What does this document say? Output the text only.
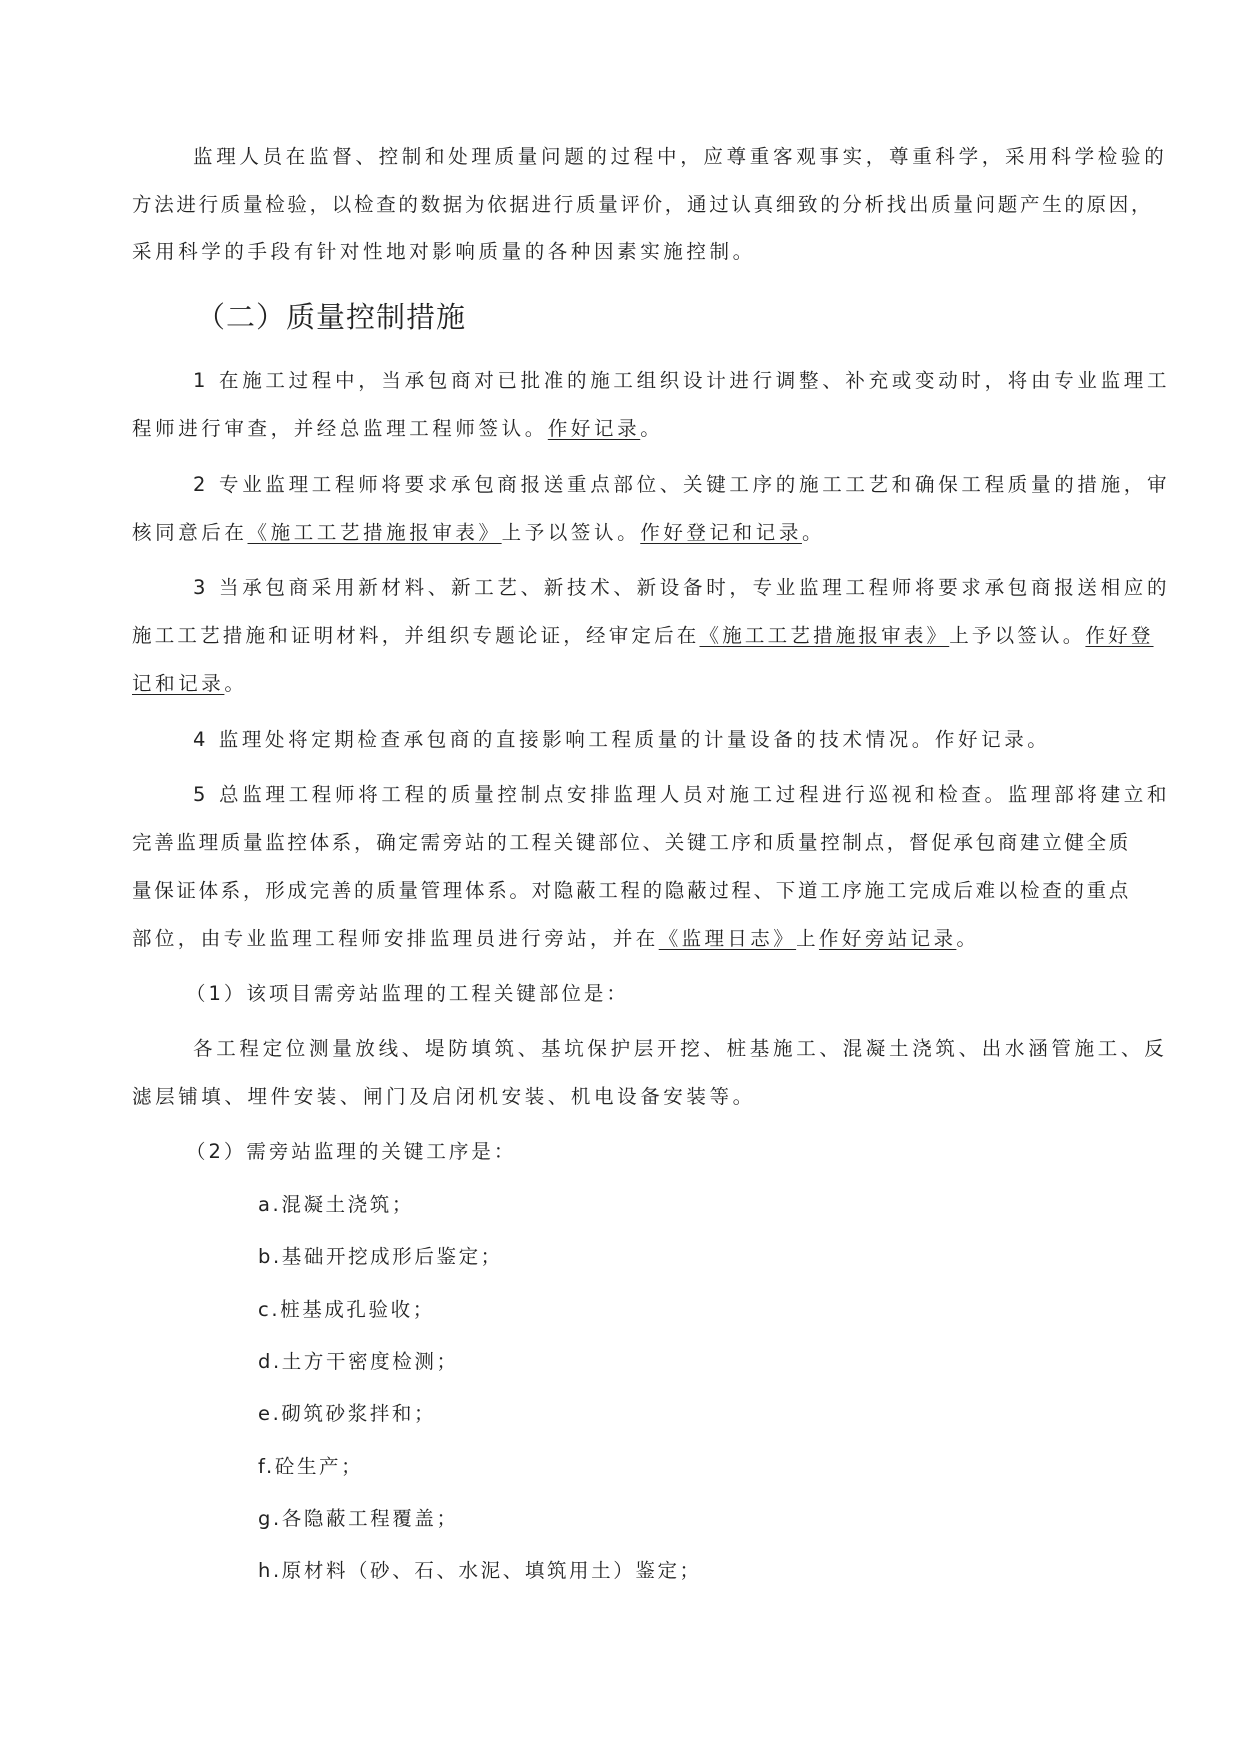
监理人员在监督、控制和处理质量问题的过程中，应尊重客观事实，尊重科学，采用科学检验的
方法进行质量检验，以检查的数据为依据进行质量评价，通过认真细致的分析找出质量问题产生的原因，
采用科学的手段有针对性地对影响质量的各种因素实施控制。
（二）质量控制措施
1 在施工过程中，当承包商对已批准的施工组织设计进行调整、补充或变动时，将由专业监理工
程师进行审查，并经总监理工程师签认。作好记录。
2 专业监理工程师将要求承包商报送重点部位、关键工序的施工工艺和确保工程质量的措施，审
核同意后在《施工工艺措施报审表》上予以签认。作好登记和记录。
3 当承包商采用新材料、新工艺、新技术、新设备时，专业监理工程师将要求承包商报送相应的
施工工艺措施和证明材料，并组织专题论证，经审定后在《施工工艺措施报审表》上予以签认。作好登
记和记录。
4 监理处将定期检查承包商的直接影响工程质量的计量设备的技术情况。作好记录。
5 总监理工程师将工程的质量控制点安排监理人员对施工过程进行巡视和检查。监理部将建立和
完善监理质量监控体系，确定需旁站的工程关键部位、关键工序和质量控制点，督促承包商建立健全质
量保证体系，形成完善的质量管理体系。对隐蔽工程的隐蔽过程、下道工序施工完成后难以检查的重点
部位，由专业监理工程师安排监理员进行旁站，并在《监理日志》上作好旁站记录。
（1）该项目需旁站监理的工程关键部位是：
各工程定位测量放线、堤防填筑、基坑保护层开挖、桩基施工、混凝土浇筑、出水涵管施工、反
滤层铺填、埋件安装、闸门及启闭机安装、机电设备安装等。
（2）需旁站监理的关键工序是：
a.混凝土浇筑；
b.基础开挖成形后鉴定；
c.桩基成孔验收；
d.土方干密度检测；
e.砌筑砂浆拌和；
f.砼生产；
g.各隐蔽工程覆盖；
h.原材料（砂、石、水泥、填筑用土）鉴定；
